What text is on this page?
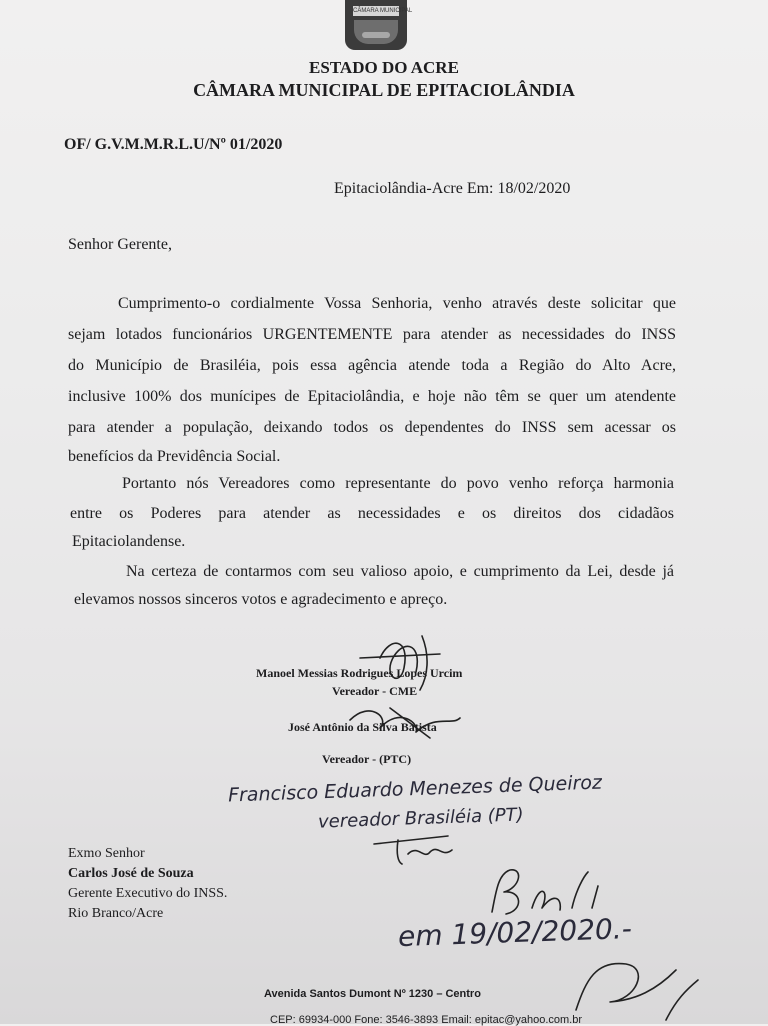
CÂMARA MUNICIPAL
ESTADO DO ACRE
CÂMARA MUNICIPAL DE EPITACIOLÂNDIA
OF/ G.V.M.M.R.L.U/Nº 01/2020
Epitaciolândia-Acre Em: 18/02/2020
Senhor Gerente,
Cumprimento-o cordialmente Vossa Senhoria, venho através deste solicitar que
sejam lotados funcionários URGENTEMENTE para atender as necessidades do INSS
do Município de Brasiléia, pois essa agência atende toda a Região do Alto Acre,
inclusive 100% dos munícipes de Epitaciolândia, e hoje não têm se quer um atendente
para atender a população, deixando todos os dependentes do INSS sem acessar os
benefícios da Previdência Social.
Portanto nós Vereadores como representante do povo venho reforça harmonia
entre os Poderes para atender as necessidades e os direitos dos cidadãos
Epitaciolandense.
Na certeza de contarmos com seu valioso apoio, e cumprimento da Lei, desde já
elevamos nossos sinceros votos e agradecimento e apreço.
Manoel Messias Rodrigues Lopes Urcim
Vereador - CME
José Antônio da Silva Batista
Vereador - (PTC)
Francisco Eduardo Menezes de Queiroz
vereador Brasiléia (PT)
em 19/02/2020.-
Exmo Senhor
Carlos José de Souza
Gerente Executivo do INSS.
Rio Branco/Acre
Avenida Santos Dumont Nº 1230 – Centro
CEP: 69934-000 Fone: 3546-3893 Email: epitac@yahoo.com.br
